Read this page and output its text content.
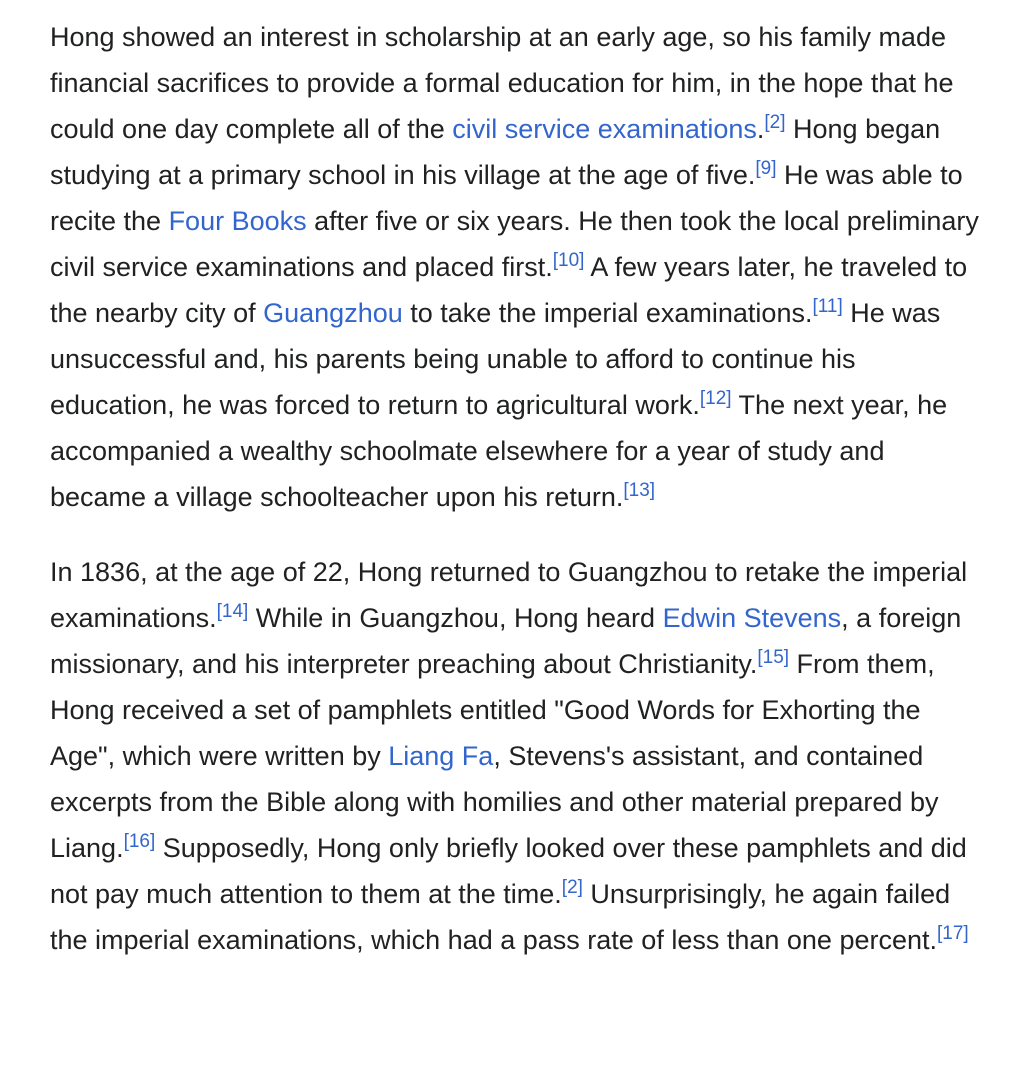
Hong showed an interest in scholarship at an early age, so his family made financial sacrifices to provide a formal education for him, in the hope that he could one day complete all of the civil service examinations.[2] Hong began studying at a primary school in his village at the age of five.[9] He was able to recite the Four Books after five or six years. He then took the local preliminary civil service examinations and placed first.[10] A few years later, he traveled to the nearby city of Guangzhou to take the imperial examinations.[11] He was unsuccessful and, his parents being unable to afford to continue his education, he was forced to return to agricultural work.[12] The next year, he accompanied a wealthy schoolmate elsewhere for a year of study and became a village schoolteacher upon his return.[13]

In 1836, at the age of 22, Hong returned to Guangzhou to retake the imperial examinations.[14] While in Guangzhou, Hong heard Edwin Stevens, a foreign missionary, and his interpreter preaching about Christianity.[15] From them, Hong received a set of pamphlets entitled "Good Words for Exhorting the Age", which were written by Liang Fa, Stevens's assistant, and contained excerpts from the Bible along with homilies and other material prepared by Liang.[16] Supposedly, Hong only briefly looked over these pamphlets and did not pay much attention to them at the time.[2] Unsurprisingly, he again failed the imperial examinations, which had a pass rate of less than one percent.[17]
